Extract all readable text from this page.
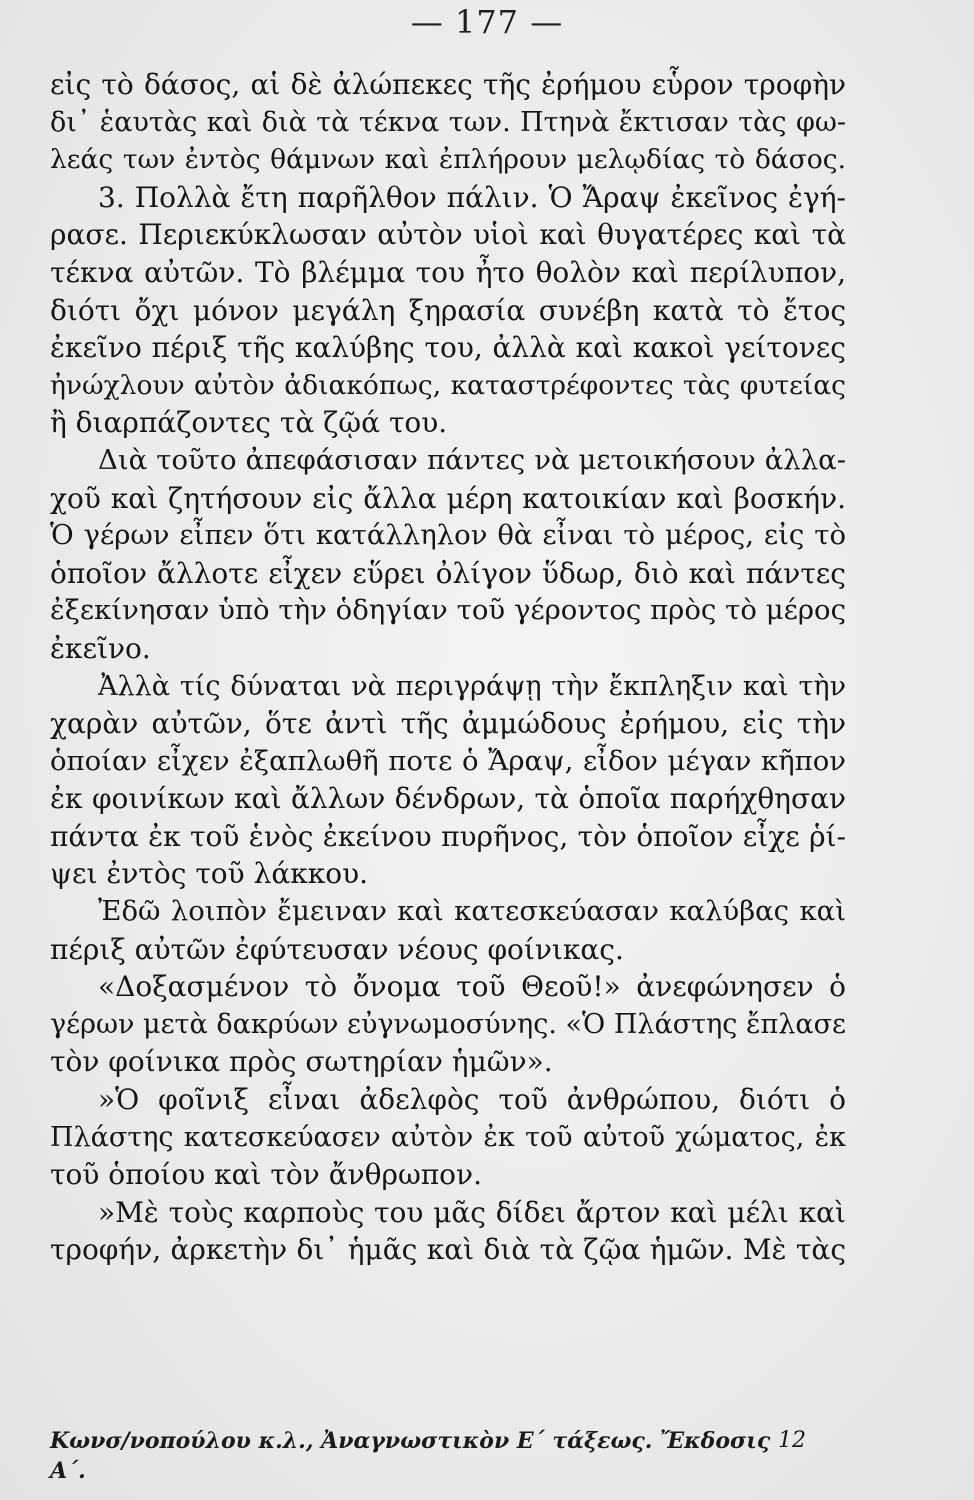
— 177 —
εἰς τὸ δάσος, αἱ δὲ ἀλώπεκες τῆς ἐρήμου εὗρον τροφὴν
δι᾽ ἑαυτὰς καὶ διὰ τὰ τέκνα των. Πτηνὰ ἔκτισαν τὰς φω-
λεάς των ἐντὸς θάμνων καὶ ἐπλήρουν μελῳδίας τὸ δάσος.
3. Πολλὰ ἔτη παρῆλθον πάλιν. Ὁ Ἄραψ ἐκεῖνος ἐγή-
ρασε. Περιεκύκλωσαν αὐτὸν υἱοὶ καὶ θυγατέρες καὶ τὰ
τέκνα αὐτῶν. Τὸ βλέμμα του ἦτο θολὸν καὶ περίλυπον,
διότι ὄχι μόνον μεγάλη ξηρασία συνέβη κατὰ τὸ ἔτος
ἐκεῖνο πέριξ τῆς καλύβης του, ἀλλὰ καὶ κακοὶ γείτονες
ἠνώχλουν αὐτὸν ἀδιακόπως, καταστρέφοντες τὰς φυτείας
ἢ διαρπάζοντες τὰ ζῷά του.
Διὰ τοῦτο ἀπεφάσισαν πάντες νὰ μετοικήσουν ἀλλα-
χοῦ καὶ ζητήσουν εἰς ἄλλα μέρη κατοικίαν καὶ βοσκήν.
Ὁ γέρων εἶπεν ὅτι κατάλληλον θὰ εἶναι τὸ μέρος, εἰς τὸ
ὁποῖον ἄλλοτε εἶχεν εὕρει ὀλίγον ὕδωρ, διὸ καὶ πάντες
ἐξεκίνησαν ὑπὸ τὴν ὁδηγίαν τοῦ γέροντος πρὸς τὸ μέρος
ἐκεῖνο.
Ἀλλὰ τίς δύναται νὰ περιγράψῃ τὴν ἔκπληξιν καὶ τὴν
χαρὰν αὐτῶν, ὅτε ἀντὶ τῆς ἀμμώδους ἐρήμου, εἰς τὴν
ὁποίαν εἶχεν ἐξαπλωθῆ ποτε ὁ Ἄραψ, εἶδον μέγαν κῆπον
ἐκ φοινίκων καὶ ἄλλων δένδρων, τὰ ὁποῖα παρήχθησαν
πάντα ἐκ τοῦ ἑνὸς ἐκείνου πυρῆνος, τὸν ὁποῖον εἶχε ῥί-
ψει ἐντὸς τοῦ λάκκου.
Ἐδῶ λοιπὸν ἔμειναν καὶ κατεσκεύασαν καλύβας καὶ
πέριξ αὐτῶν ἐφύτευσαν νέους φοίνικας.
«Δοξασμένον τὸ ὄνομα τοῦ Θεοῦ!» ἀνεφώνησεν ὁ
γέρων μετὰ δακρύων εὐγνωμοσύνης. «Ὁ Πλάστης ἔπλασε
τὸν φοίνικα πρὸς σωτηρίαν ἡμῶν».
»Ὁ φοῖνιξ εἶναι ἀδελφὸς τοῦ ἀνθρώπου, διότι ὁ
Πλάστης κατεσκεύασεν αὐτὸν ἐκ τοῦ αὐτοῦ χώματος, ἐκ
τοῦ ὁποίου καὶ τὸν ἄνθρωπον.
»Μὲ τοὺς καρποὺς του μᾶς δίδει ἄρτον καὶ μέλι καὶ
τροφήν, ἀρκετὴν δι᾽ ἡμᾶς καὶ διὰ τὰ ζῷα ἡμῶν. Μὲ τὰς
Κωνσ/νοπούλου κ.λ., Ἀναγνωστικὸν Ε΄ τάξεως. Ἔκδοσις Α΄.
12
